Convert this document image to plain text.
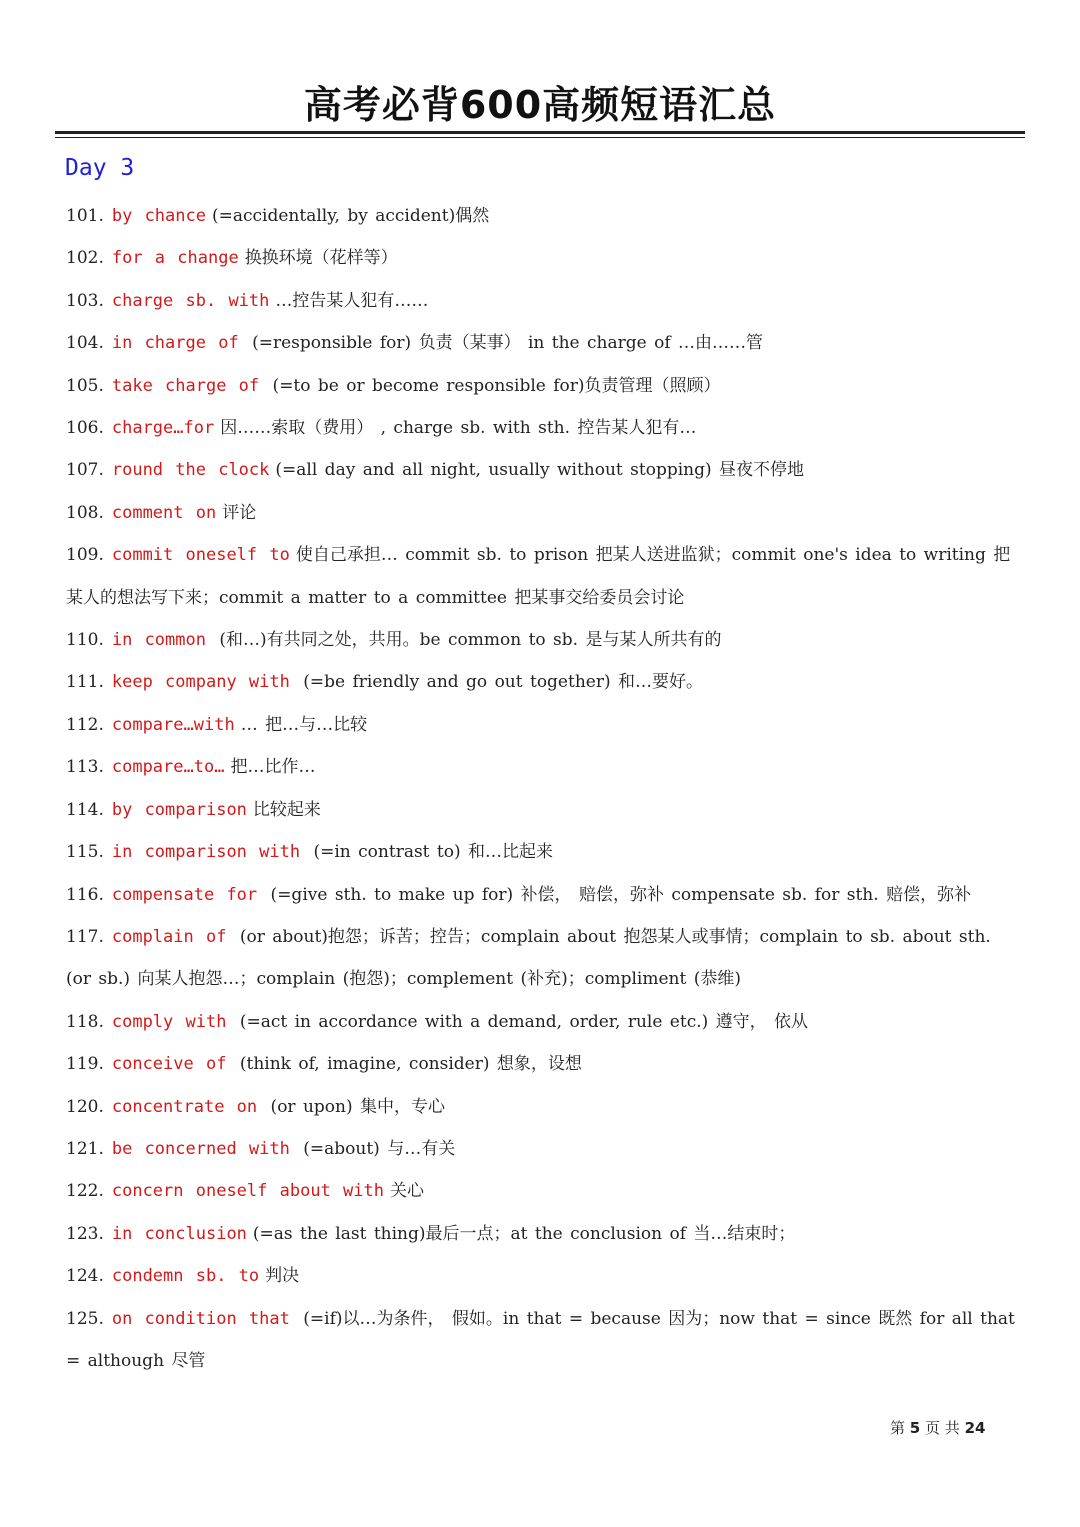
高考必背600高频短语汇总
Day 3
101. by chance (=accidentally, by accident)偶然
102. for a change 换换环境（花样等）
103. charge sb. with …控告某人犯有……
104. in charge of (=responsible for) 负责（某事） in the charge of …由……管
105. take charge of (=to be or become responsible for)负责管理（照顾）
106. charge…for 因……索取（费用） , charge sb. with sth. 控告某人犯有…
107. round the clock (=all day and all night, usually without stopping) 昼夜不停地
108. comment on 评论
109. commit oneself to 使自己承担… commit sb. to prison 把某人送进监狱；commit one's idea to writing 把某人的想法写下来；commit a matter to a committee 把某事交给委员会讨论
110. in common (和…)有共同之处，共用。be common to sb. 是与某人所共有的
111. keep company with (=be friendly and go out together) 和…要好。
112. compare…with … 把…与…比较
113. compare…to… 把…比作…
114. by comparison 比较起来
115. in comparison with (=in contrast to) 和…比起来
116. compensate for (=give sth. to make up for) 补偿， 赔偿，弥补 compensate sb. for sth. 赔偿，弥补
117. complain of (or about)抱怨；诉苦；控告；complain about 抱怨某人或事情；complain to sb. about sth. (or sb.) 向某人抱怨…；complain (抱怨)；complement (补充)；compliment (恭维)
118. comply with (=act in accordance with a demand, order, rule etc.) 遵守， 依从
119. conceive of (think of, imagine, consider) 想象，设想
120. concentrate on (or upon) 集中，专心
121. be concerned with (=about) 与…有关
122. concern oneself about with 关心
123. in conclusion (=as the last thing)最后一点；at the conclusion of 当…结束时；
124. condemn sb. to 判决
125. on condition that (=if)以…为条件， 假如。in that = because 因为；now that = since 既然 for all that = although 尽管
第 5 页 共 24
